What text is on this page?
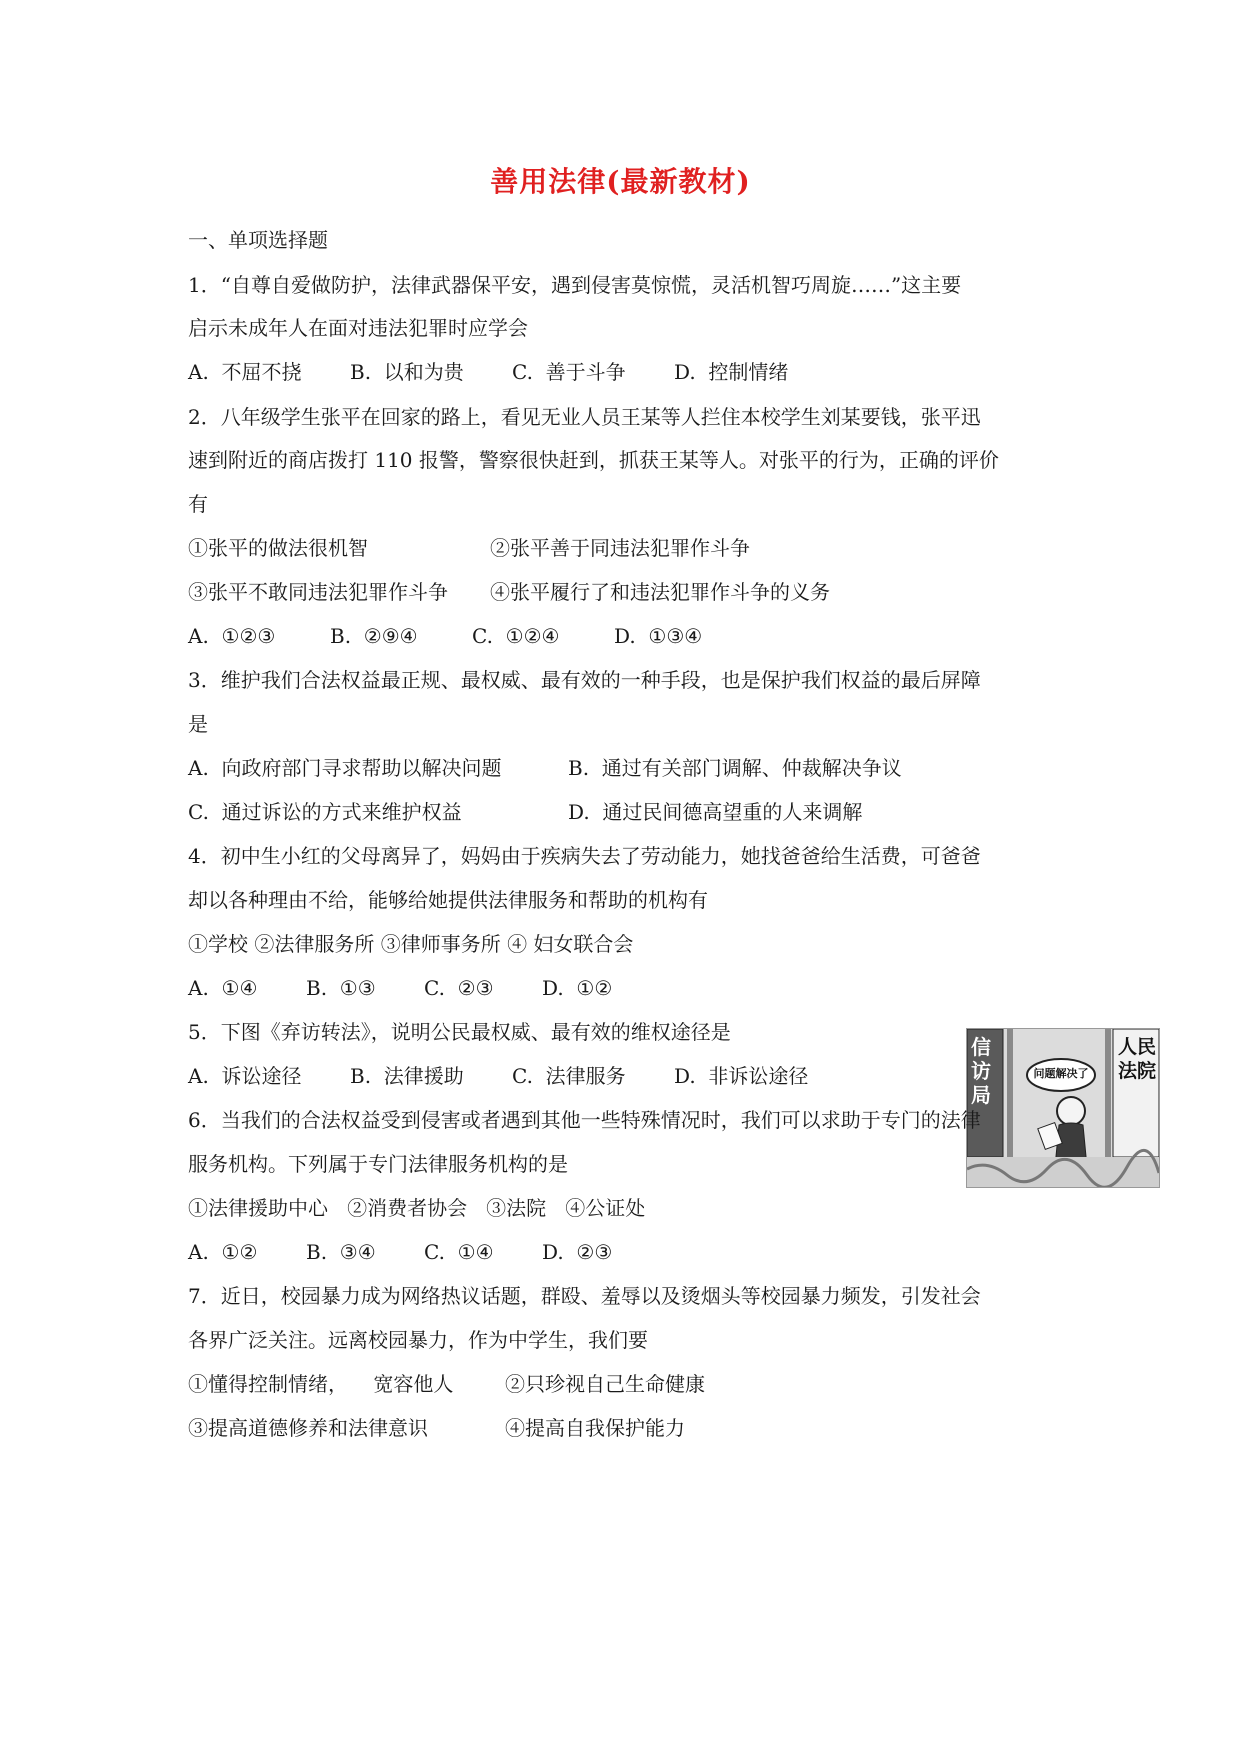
善用法律(最新教材)
一、单项选择题
1．“自尊自爱做防护，法律武器保平安，遇到侵害莫惊慌，灵活机智巧周旋……”这主要
启示未成年人在面对违法犯罪时应学会
A.  不屈不挠 B.  以和为贵 C.  善于斗争 D.  控制情绪
2．八年级学生张平在回家的路上，看见无业人员王某等人拦住本校学生刘某要钱，张平迅
速到附近的商店拨打 110 报警，警察很快赶到，抓获王某等人。对张平的行为，正确的评价
有
①张平的做法很机智	②张平善于同违法犯罪作斗争
③张平不敢同违法犯罪作斗争 ④张平履行了和违法犯罪作斗争的义务
A.  ①②③	B.  ②⑨④	C.  ①②④	D.  ①③④
3．维护我们合法权益最正规、最权威、最有效的一种手段，也是保护我们权益的最后屏障
是
A.  向政府部门寻求帮助以解决问题	B.  通过有关部门调解、仲裁解决争议
C.  通过诉讼的方式来维护权益	D.  通过民间德高望重的人来调解
4．初中生小红的父母离异了，妈妈由于疾病失去了劳动能力，她找爸爸给生活费，可爸爸
却以各种理由不给，能够给她提供法律服务和帮助的机构有
①学校 ②法律服务所 ③律师事务所 ④ 妇女联合会
A.  ①④ B.  ①③ C.  ②③ D.  ①②
5．下图《弃访转法》，说明公民最权威、最有效的维权途径是
A.  诉讼途径 B.  法律援助 C.  法律服务 D.  非诉讼途径
信访局
人民法院
问题解决了
6．当我们的合法权益受到侵害或者遇到其他一些特殊情况时，我们可以求助于专门的法律
服务机构。下列属于专门法律服务机构的是
①法律援助中心   ②消费者协会   ③法院   ④公证处
A.  ①② B.  ③④ C.  ①④ D.  ②③
7．近日，校园暴力成为网络热议话题，群殴、羞辱以及烫烟头等校园暴力频发，引发社会
各界广泛关注。远离校园暴力，作为中学生，我们要
①懂得控制情绪，    宽容他人	②只珍视自己生命健康
③提高道德修养和法律意识	④提高自我保护能力
